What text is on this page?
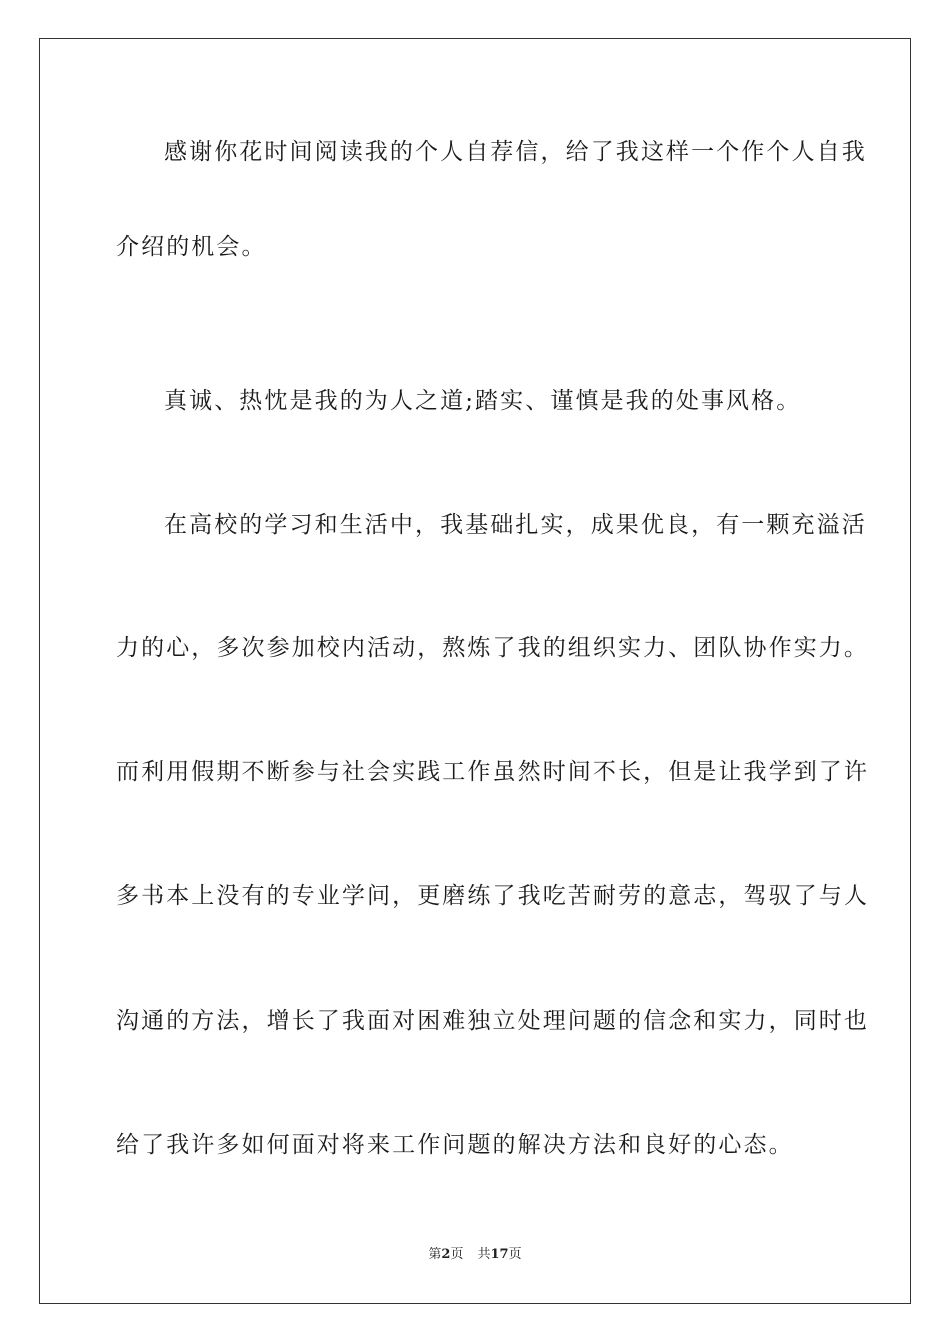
感谢你花时间阅读我的个人自荐信，给了我这样一个作个人自我
介绍的机会。
真诚、热忱是我的为人之道;踏实、谨慎是我的处事风格。
在高校的学习和生活中，我基础扎实，成果优良，有一颗充溢活
力的心，多次参加校内活动，熬炼了我的组织实力、团队协作实力。
而利用假期不断参与社会实践工作虽然时间不长，但是让我学到了许
多书本上没有的专业学问，更磨练了我吃苦耐劳的意志，驾驭了与人
沟通的方法，增长了我面对困难独立处理问题的信念和实力，同时也
给了我许多如何面对将来工作问题的解决方法和良好的心态。
第2页 共17页
